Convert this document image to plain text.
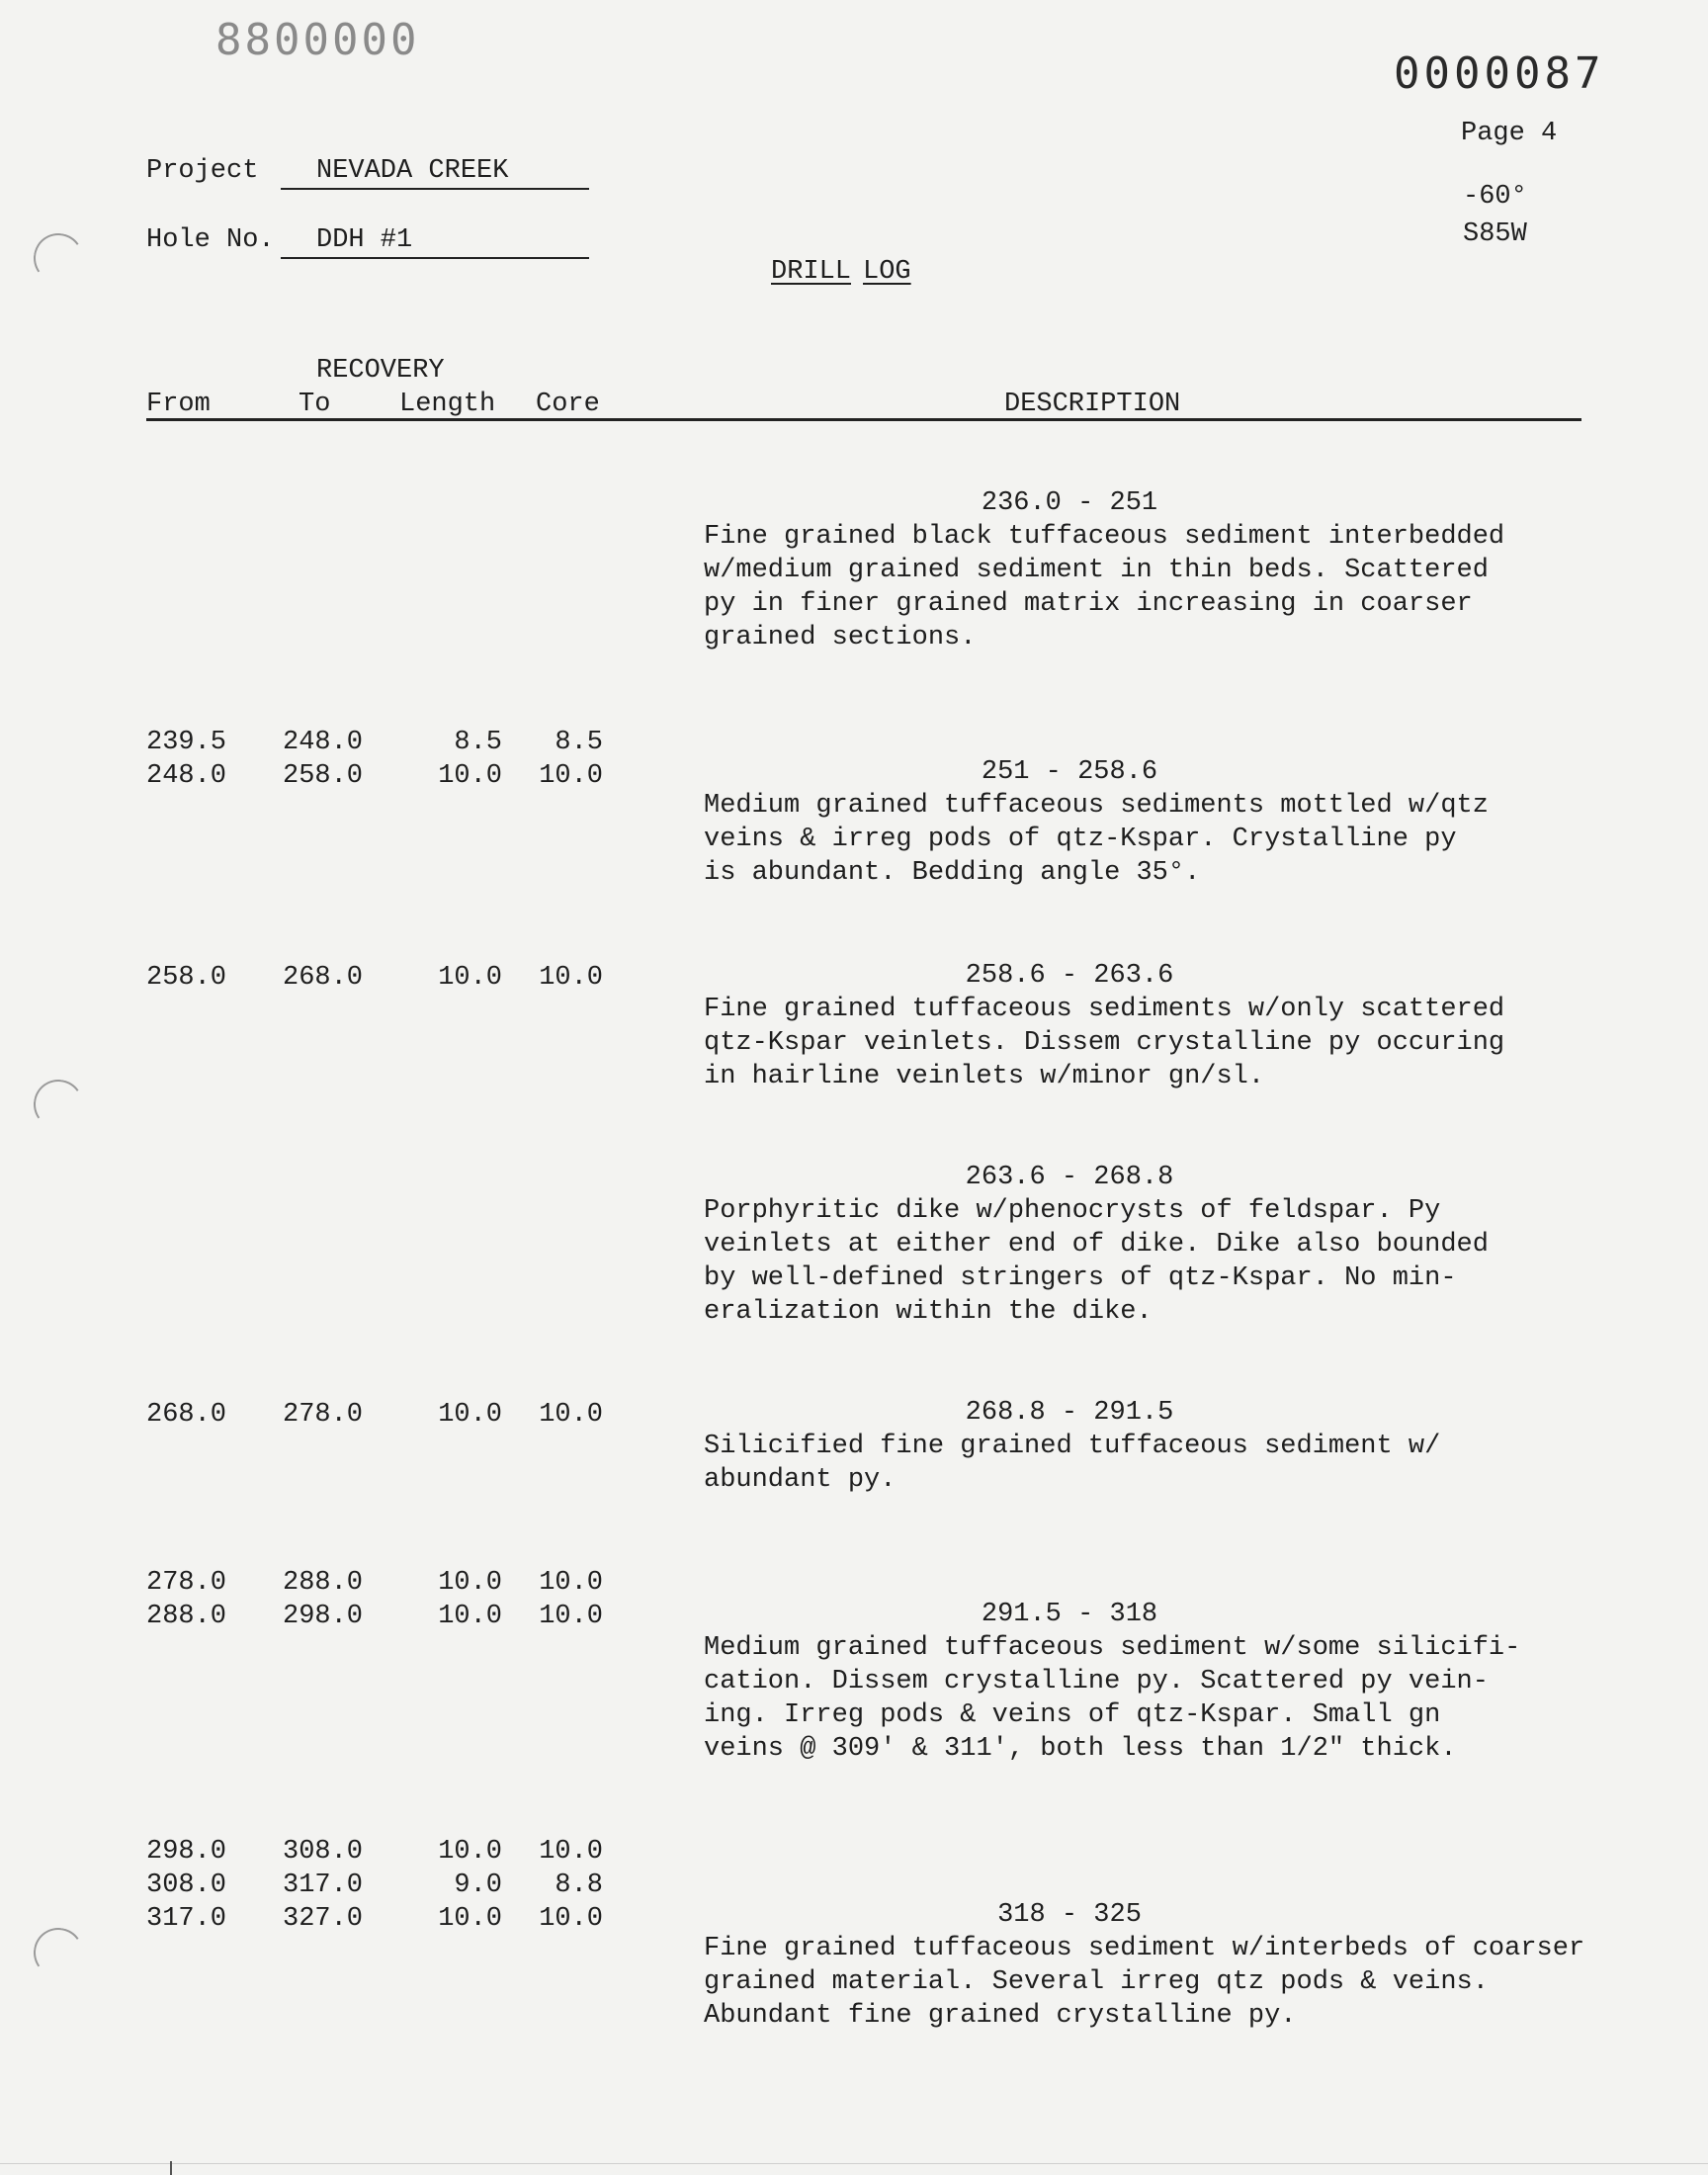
8800000
0000087
Page 4
-60°
S85W
Project	NEVADA CREEK
Hole No.	DDH #1
DRILL LOG
RECOVERY
From	To	Length Core	DESCRIPTION
239.5 248.0	8.5 8.5
248.0 258.0	10.0 10.0
258.0 268.0	10.0 10.0
268.0 278.0	10.0 10.0
278.0 288.0	10.0 10.0
288.0 298.0	10.0 10.0
298.0 308.0	10.0 10.0
308.0 317.0	9.0 8.8
317.0 327.0	10.0 10.0
236.0 - 251
Fine grained black tuffaceous sediment interbedded
w/medium grained sediment in thin beds. Scattered
py in finer grained matrix increasing in coarser
grained sections.
251 - 258.6
Medium grained tuffaceous sediments mottled w/qtz
veins & irreg pods of qtz-Kspar. Crystalline py
is abundant. Bedding angle 35°.
258.6 - 263.6
Fine grained tuffaceous sediments w/only scattered
qtz-Kspar veinlets. Dissem crystalline py occuring
in hairline veinlets w/minor gn/sl.
263.6 - 268.8
Porphyritic dike w/phenocrysts of feldspar. Py
veinlets at either end of dike. Dike also bounded
by well-defined stringers of qtz-Kspar. No min-
eralization within the dike.
268.8 - 291.5
Silicified fine grained tuffaceous sediment w/
abundant py.
291.5 - 318
Medium grained tuffaceous sediment w/some silicifi-
cation. Dissem crystalline py. Scattered py vein-
ing. Irreg pods & veins of qtz-Kspar. Small gn
veins @ 309' & 311', both less than 1/2" thick.
318 - 325
Fine grained tuffaceous sediment w/interbeds of coarser
grained material. Several irreg qtz pods & veins.
Abundant fine grained crystalline py.
